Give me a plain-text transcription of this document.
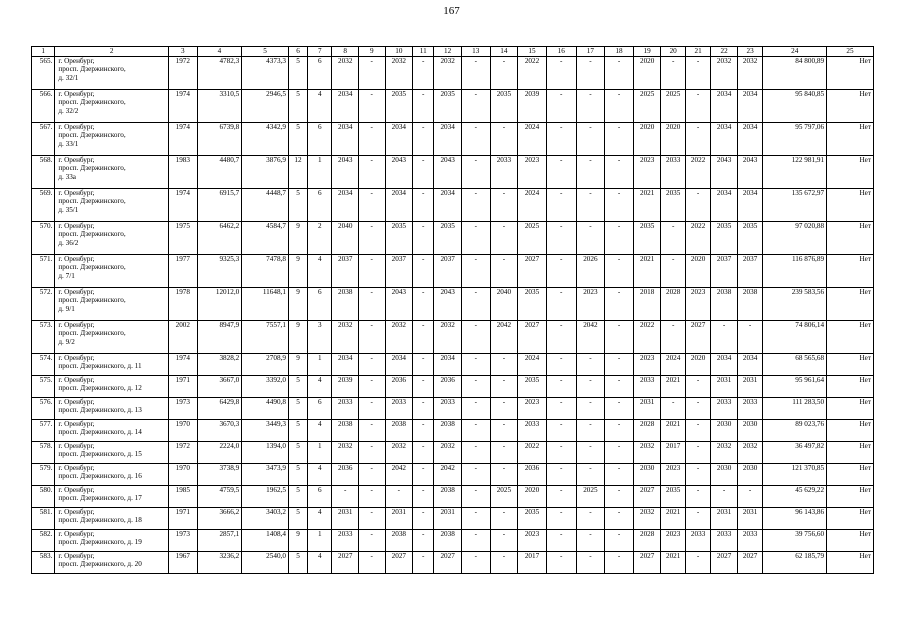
167
1	2	3	4	5	6	7	8	9	10	11	12	13	14	15	16	17	18	19	20	21	22	23	24	25
565.	г. Оренбург,
просп. Дзержинского,
д. 32/1	1972	4782,3	4373,3	5	6	2032	-	2032	-	2032	-	-	2022	-	-	-	2020	-	-	2032	2032	84 800,89	Нет
566.	г. Оренбург,
просп. Дзержинского,
д. 32/2	1974	3310,5	2946,5	5	4	2034	-	2035	-	2035	-	2035	2039	-	-	-	2025	2025	-	2034	2034	95 840,85	Нет
567.	г. Оренбург,
просп. Дзержинского,
д. 33/1	1974	6739,8	4342,9	5	6	2034	-	2034	-	2034	-	-	2024	-	-	-	2020	2020	-	2034	2034	95 797,06	Нет
568.	г. Оренбург,
просп. Дзержинского,
д. 33а	1983	4480,7	3876,9	12	1	2043	-	2043	-	2043	-	2033	2023	-	-	-	2023	2033	2022	2043	2043	122 981,91	Нет
569.	г. Оренбург,
просп. Дзержинского,
д. 35/1	1974	6915,7	4448,7	5	6	2034	-	2034	-	2034	-	-	2024	-	-	-	2021	2035	-	2034	2034	135 672,97	Нет
570.	г. Оренбург,
просп. Дзержинского,
д. 36/2	1975	6462,2	4584,7	9	2	2040	-	2035	-	2035	-	-	2025	-	-	-	2035	-	2022	2035	2035	97 020,88	Нет
571.	г. Оренбург,
просп. Дзержинского,
д. 7/1	1977	9325,3	7478,8	9	4	2037	-	2037	-	2037	-	-	2027	-	2026	-	2021	-	2020	2037	2037	116 876,89	Нет
572.	г. Оренбург,
просп. Дзержинского,
д. 9/1	1978	12012,0	11648,1	9	6	2038	-	2043	-	2043	-	2040	2035	-	2023	-	2018	2028	2023	2038	2038	239 583,56	Нет
573.	г. Оренбург,
просп. Дзержинского,
д. 9/2	2002	8947,9	7557,1	9	3	2032	-	2032	-	2032	-	2042	2027	-	2042	-	2022	-	2027	-	-	74 806,14	Нет
574.	г. Оренбург,
просп. Дзержинского, д. 11	1974	3828,2	2708,9	9	1	2034	-	2034	-	2034	-	-	2024	-	-	-	2023	2024	2020	2034	2034	68 565,68	Нет
575.	г. Оренбург,
просп. Дзержинского, д. 12	1971	3667,0	3392,0	5	4	2039	-	2036	-	2036	-	-	2035	-	-	-	2033	2021	-	2031	2031	95 961,64	Нет
576.	г. Оренбург,
просп. Дзержинского, д. 13	1973	6429,8	4490,8	5	6	2033	-	2033	-	2033	-	-	2023	-	-	-	2031	-	-	2033	2033	111 283,50	Нет
577.	г. Оренбург,
просп. Дзержинского, д. 14	1970	3670,3	3449,3	5	4	2038	-	2038	-	2038	-	-	2033	-	-	-	2028	2021	-	2030	2030	89 023,76	Нет
578.	г. Оренбург,
просп. Дзержинского, д. 15	1972	2224,0	1394,0	5	1	2032	-	2032	-	2032	-	-	2022	-	-	-	2032	2017	-	2032	2032	36 497,82	Нет
579.	г. Оренбург,
просп. Дзержинского, д. 16	1970	3738,9	3473,9	5	4	2036	-	2042	-	2042	-	-	2036	-	-	-	2030	2023	-	2030	2030	121 370,85	Нет
580.	г. Оренбург,
просп. Дзержинского, д. 17	1985	4759,5	1962,5	5	6	-	-	-	-	2038	-	2025	2020	-	2025	-	2027	2035	-	-	-	45 629,22	Нет
581.	г. Оренбург,
просп. Дзержинского, д. 18	1971	3666,2	3403,2	5	4	2031	-	2031	-	2031	-	-	2035	-	-	-	2032	2021	-	2031	2031	96 143,86	Нет
582.	г. Оренбург,
просп. Дзержинского, д. 19	1973	2857,1	1408,4	9	1	2033	-	2038	-	2038	-	-	2023	-	-	-	2028	2023	2033	2033	2033	39 756,60	Нет
583.	г. Оренбург,
просп. Дзержинского, д. 20	1967	3236,2	2540,0	5	4	2027	-	2027	-	2027	-	-	2017	-	-	-	2027	2021	-	2027	2027	62 185,79	Нет
